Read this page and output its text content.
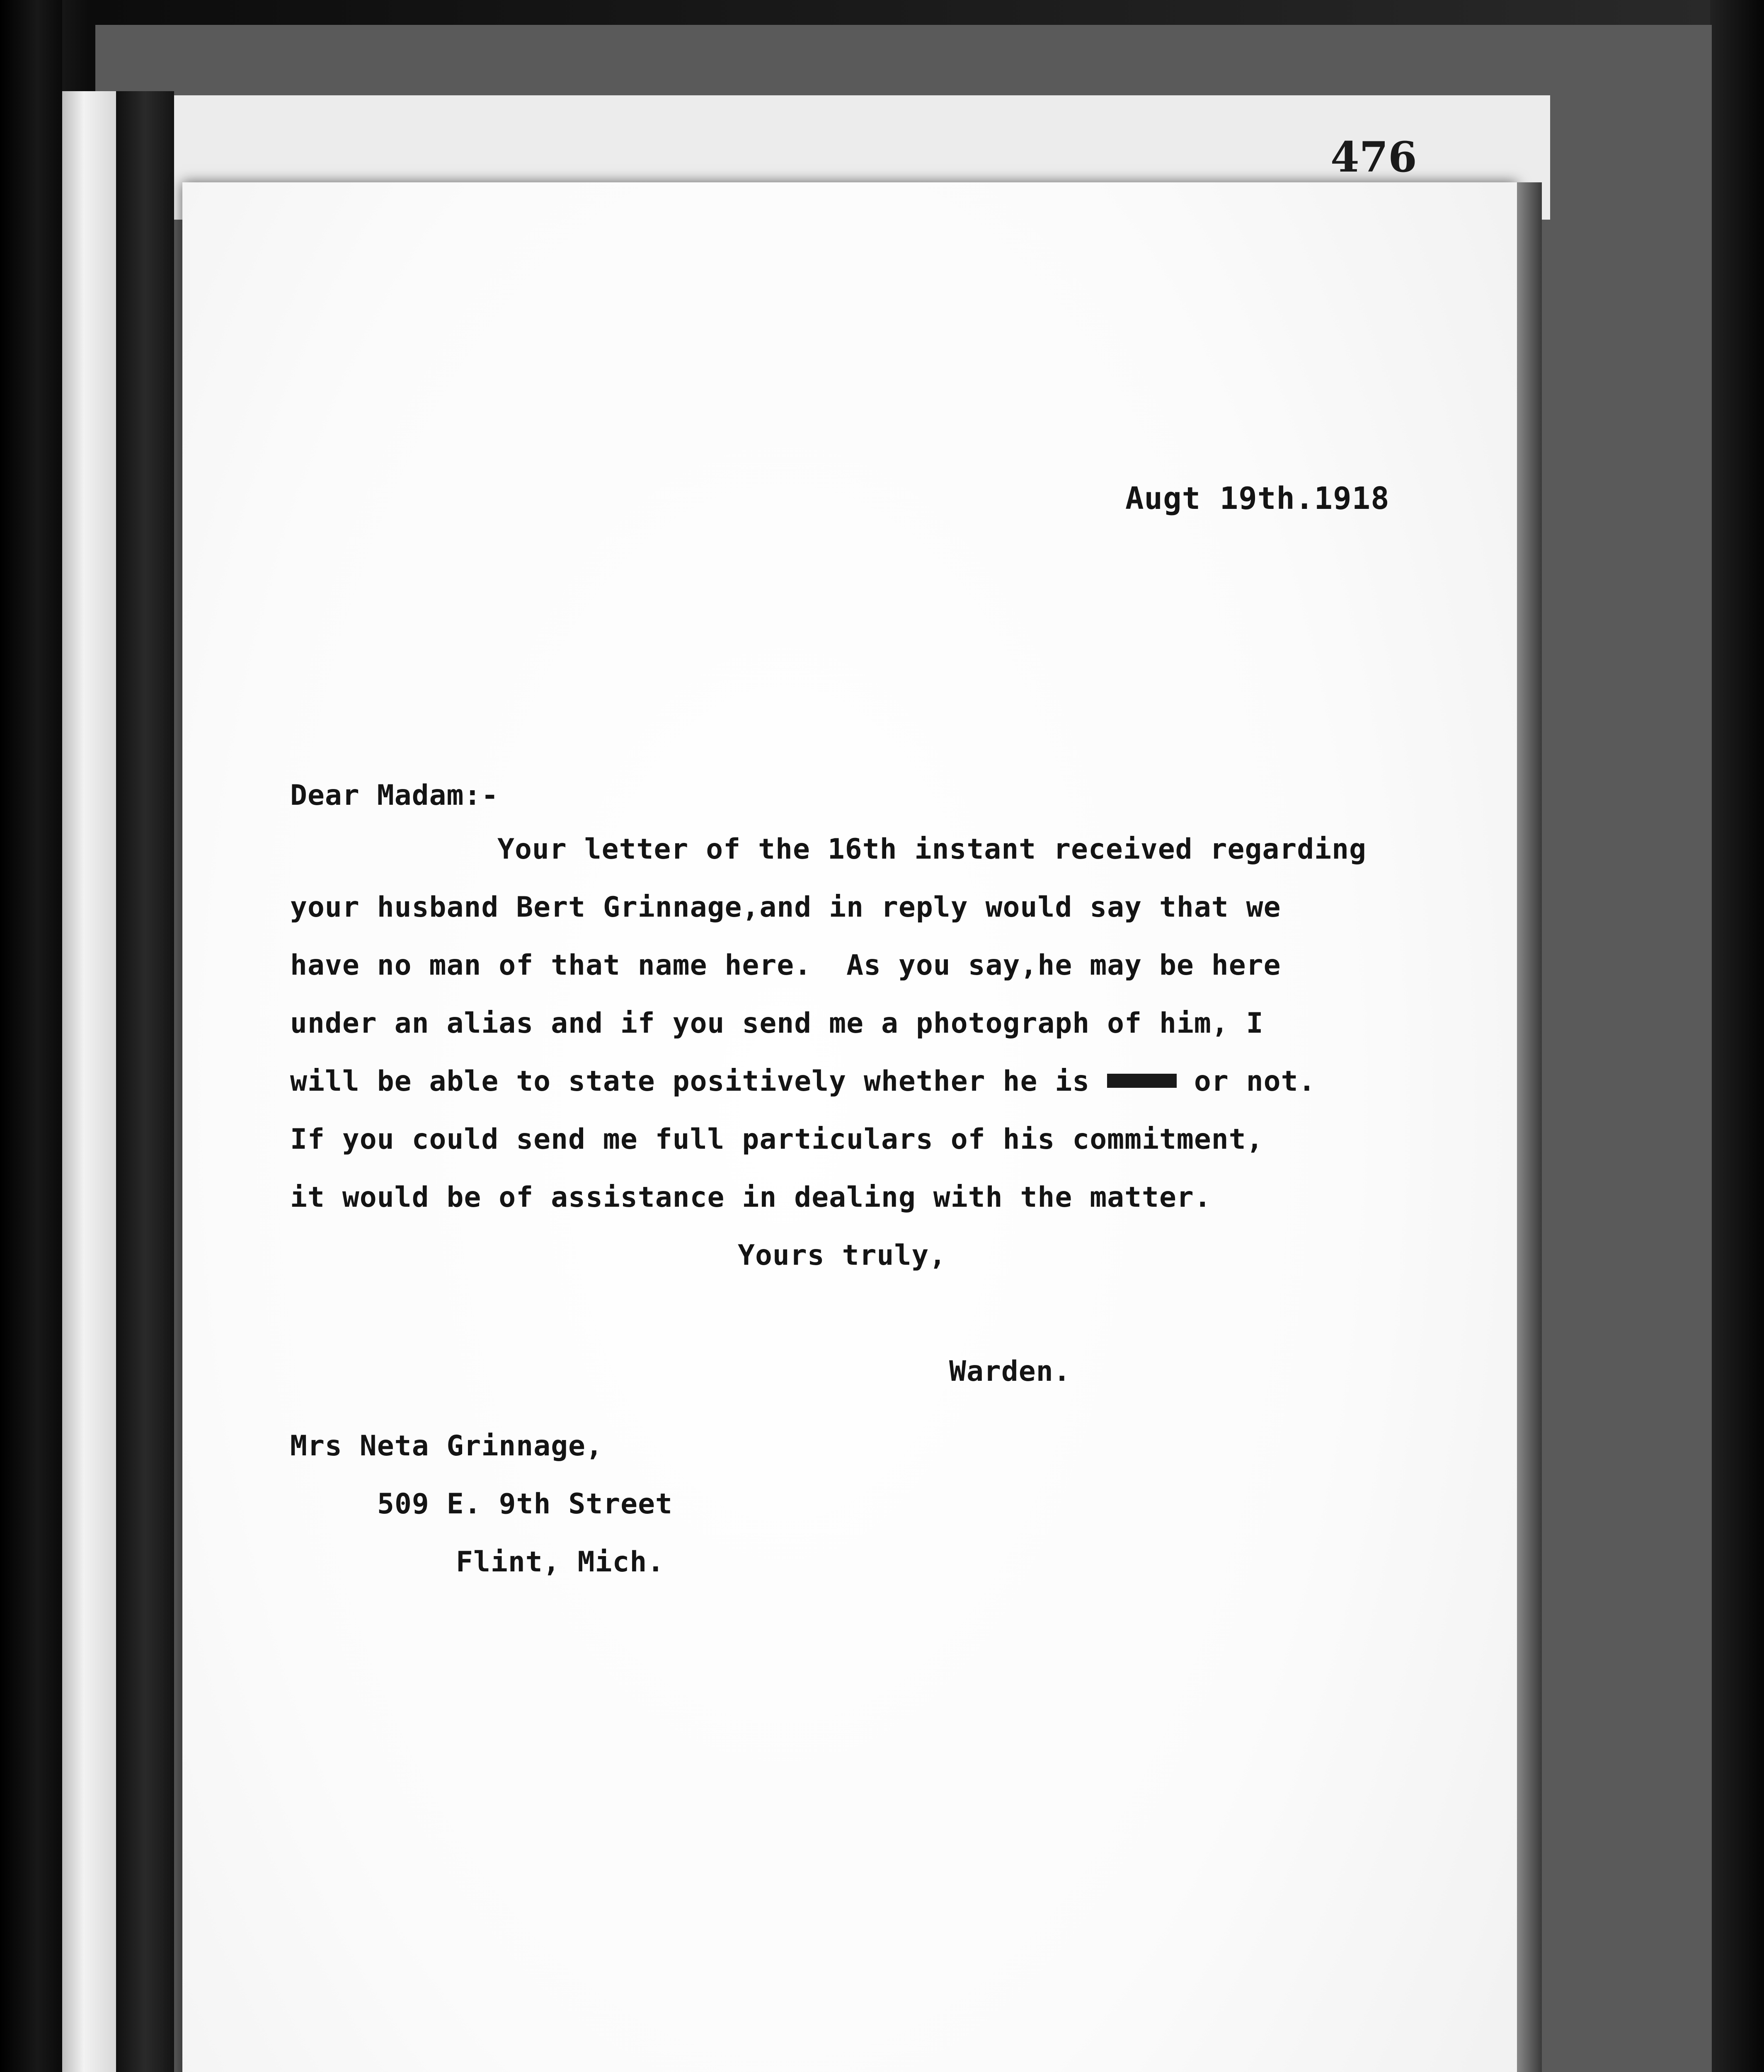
476
Augt 19th.1918
Dear Madam:-
Your letter of the 16th instant received regarding
your husband Bert Grinnage,and in reply would say that we
have no man of that name here.  As you say,he may be here
under an alias and if you send me a photograph of him, I
will be able to state positively whether he is	or not.
If you could send me full particulars of his commitment,
it would be of assistance in dealing with the matter.
Yours truly,
Warden.
Mrs Neta Grinnage,
509 E. 9th Street
Flint, Mich.
